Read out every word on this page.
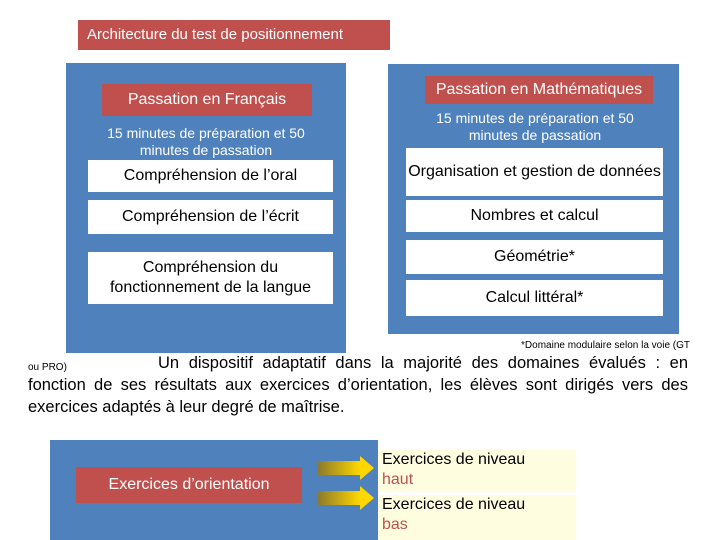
Architecture du test de positionnement
Passation en Français
15 minutes de préparation et 50 minutes de passation
Compréhension de l’oral
Compréhension de l’écrit
Compréhension du fonctionnement de la langue
Passation en Mathématiques
15 minutes de préparation et 50 minutes de passation
Organisation et gestion de données
Nombres et calcul
Géométrie*
Calcul littéral*
*Domaine modulaire selon la voie (GT
ou PRO)	Un dispositif adaptatif dans la majorité des domaines évalués : en fonction de ses résultats aux exercices d’orientation, les élèves sont dirigés vers des exercices adaptés à leur degré de maîtrise.
Exercices d’orientation
Exercices de niveau
haut
Exercices de niveau
bas
